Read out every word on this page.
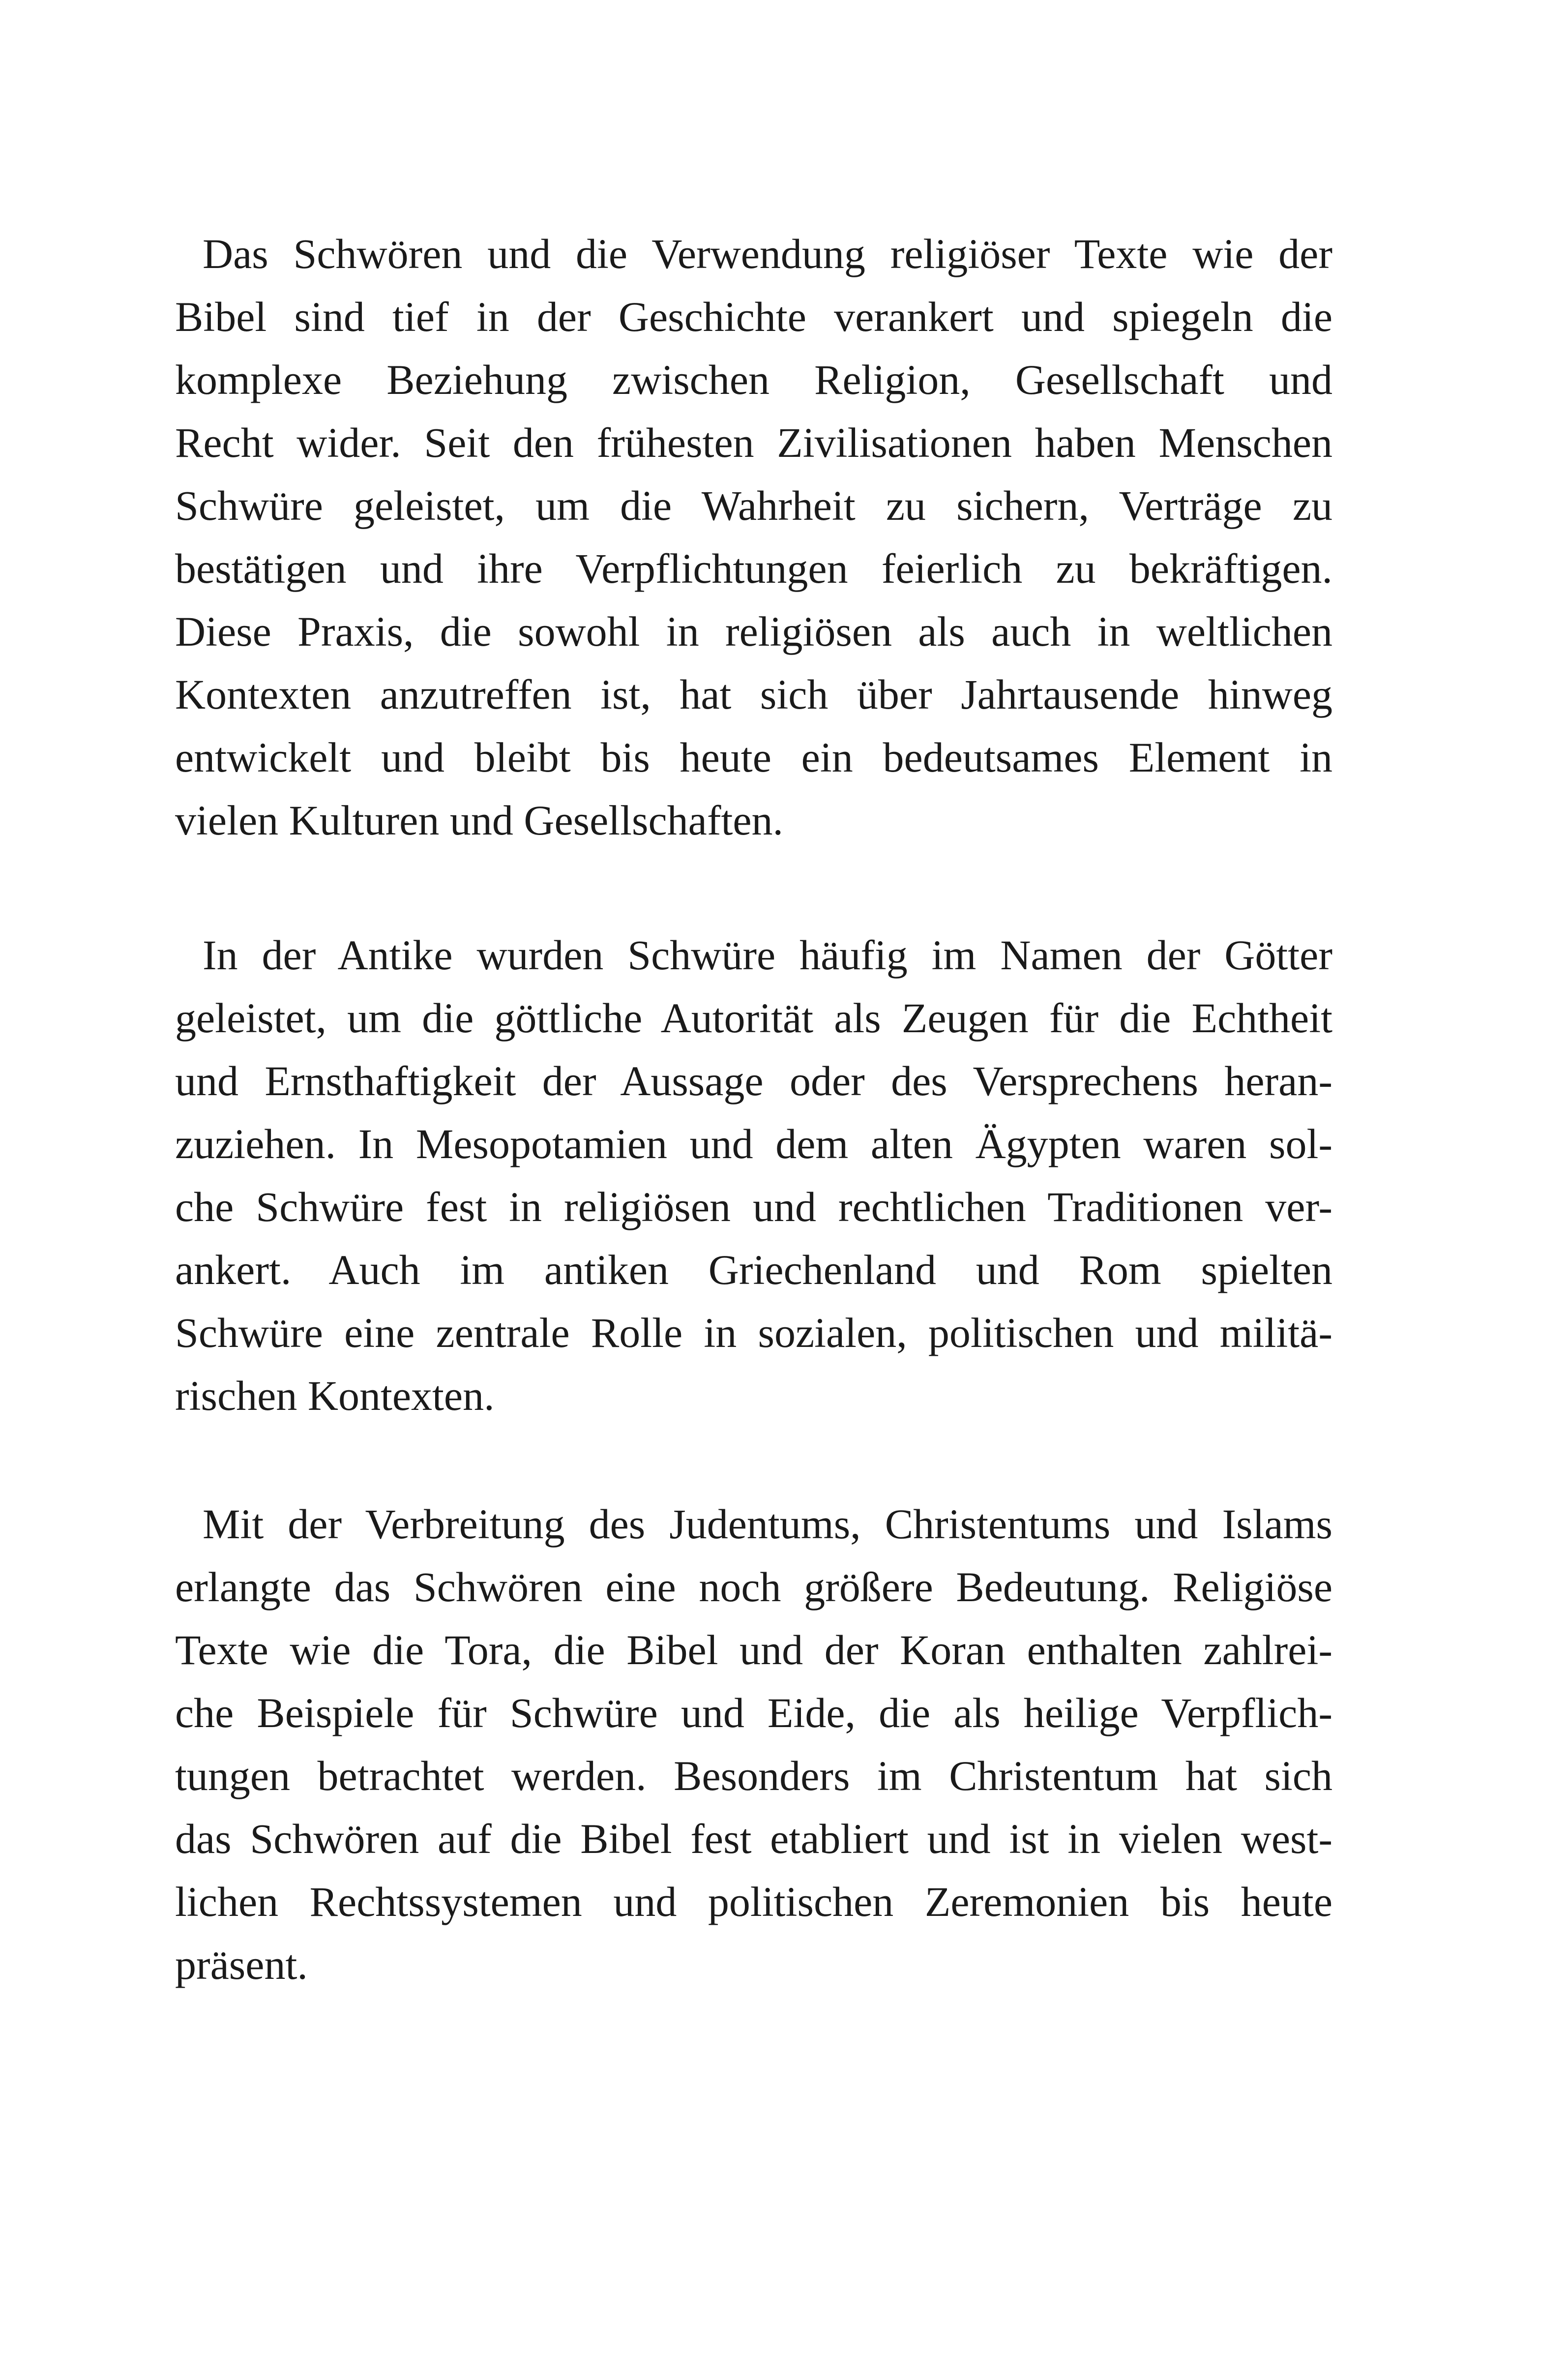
Das Schwören und die Verwendung religiöser Texte wie der
Bibel sind tief in der Geschichte verankert und spiegeln die
komplexe Beziehung zwischen Religion, Gesellschaft und
Recht wider. Seit den frühesten Zivilisationen haben Menschen
Schwüre geleistet, um die Wahrheit zu sichern, Verträge zu
bestätigen und ihre Verpflichtungen feierlich zu bekräftigen.
Diese Praxis, die sowohl in religiösen als auch in weltlichen
Kontexten anzutreffen ist, hat sich über Jahrtausende hinweg
entwickelt und bleibt bis heute ein bedeutsames Element in
vielen Kulturen und Gesellschaften.
In der Antike wurden Schwüre häufig im Namen der Götter
geleistet, um die göttliche Autorität als Zeugen für die Echtheit
und Ernsthaftigkeit der Aussage oder des Versprechens heran-
zuziehen. In Mesopotamien und dem alten Ägypten waren sol-
che Schwüre fest in religiösen und rechtlichen Traditionen ver-
ankert. Auch im antiken Griechenland und Rom spielten
Schwüre eine zentrale Rolle in sozialen, politischen und militä-
rischen Kontexten.
Mit der Verbreitung des Judentums, Christentums und Islams
erlangte das Schwören eine noch größere Bedeutung. Religiöse
Texte wie die Tora, die Bibel und der Koran enthalten zahlrei-
che Beispiele für Schwüre und Eide, die als heilige Verpflich-
tungen betrachtet werden. Besonders im Christentum hat sich
das Schwören auf die Bibel fest etabliert und ist in vielen west-
lichen Rechtssystemen und politischen Zeremonien bis heute
präsent.
